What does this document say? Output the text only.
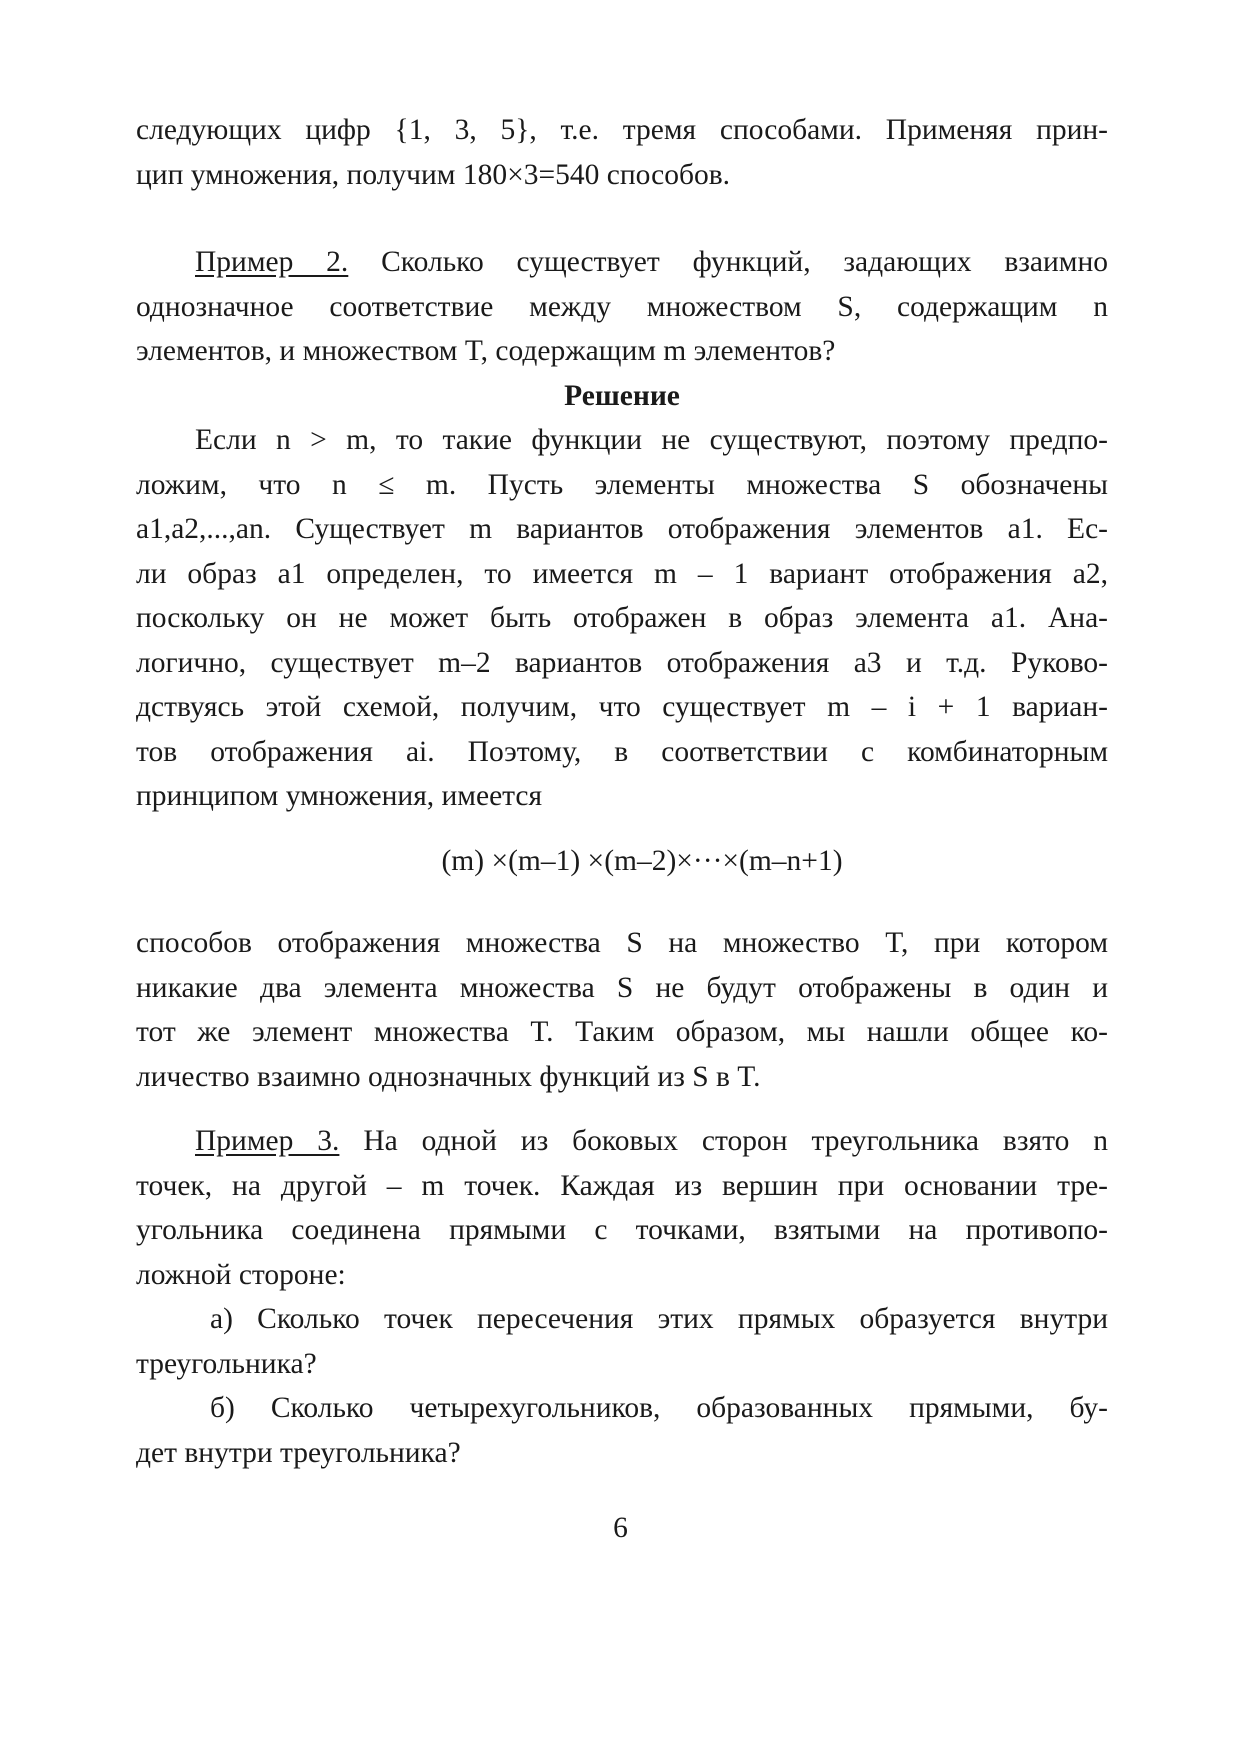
следующих цифр {1, 3, 5}, т.е. тремя способами. Применяя прин-
цип умножения, получим 180×3=540 способов.
Пример 2. Сколько существует функций, задающих взаимно
однозначное соответствие между множеством S, содержащим n
элементов, и множеством T, содержащим m элементов?
Решение
Если n > m, то такие функции не существуют, поэтому предпо-
ложим, что n ≤ m. Пусть элементы множества S обозначены
a1,a2,...,an. Существует m вариантов отображения элементов a1. Ес-
ли образ a1 определен, то имеется m – 1 вариант отображения a2,
поскольку он не может быть отображен в образ элемента a1. Ана-
логично, существует m–2 вариантов отображения a3 и т.д. Руково-
дствуясь этой схемой, получим, что существует m – i + 1 вариан-
тов отображения ai. Поэтому, в соответствии с комбинаторным
принципом умножения, имеется
(m) ×(m–1) ×(m–2)×···×(m–n+1)
способов отображения множества S на множество T, при котором
никакие два элемента множества S не будут отображены в один и
тот же элемент множества T. Таким образом, мы нашли общее ко-
личество взаимно однозначных функций из S в T.
Пример 3. На одной из боковых сторон треугольника взято n
точек, на другой – m точек. Каждая из вершин при основании тре-
угольника соединена прямыми с точками, взятыми на противопо-
ложной стороне:
а) Сколько точек пересечения этих прямых образуется внутри
треугольника?
б) Сколько четырехугольников, образованных прямыми, бу-
дет внутри треугольника?
6
